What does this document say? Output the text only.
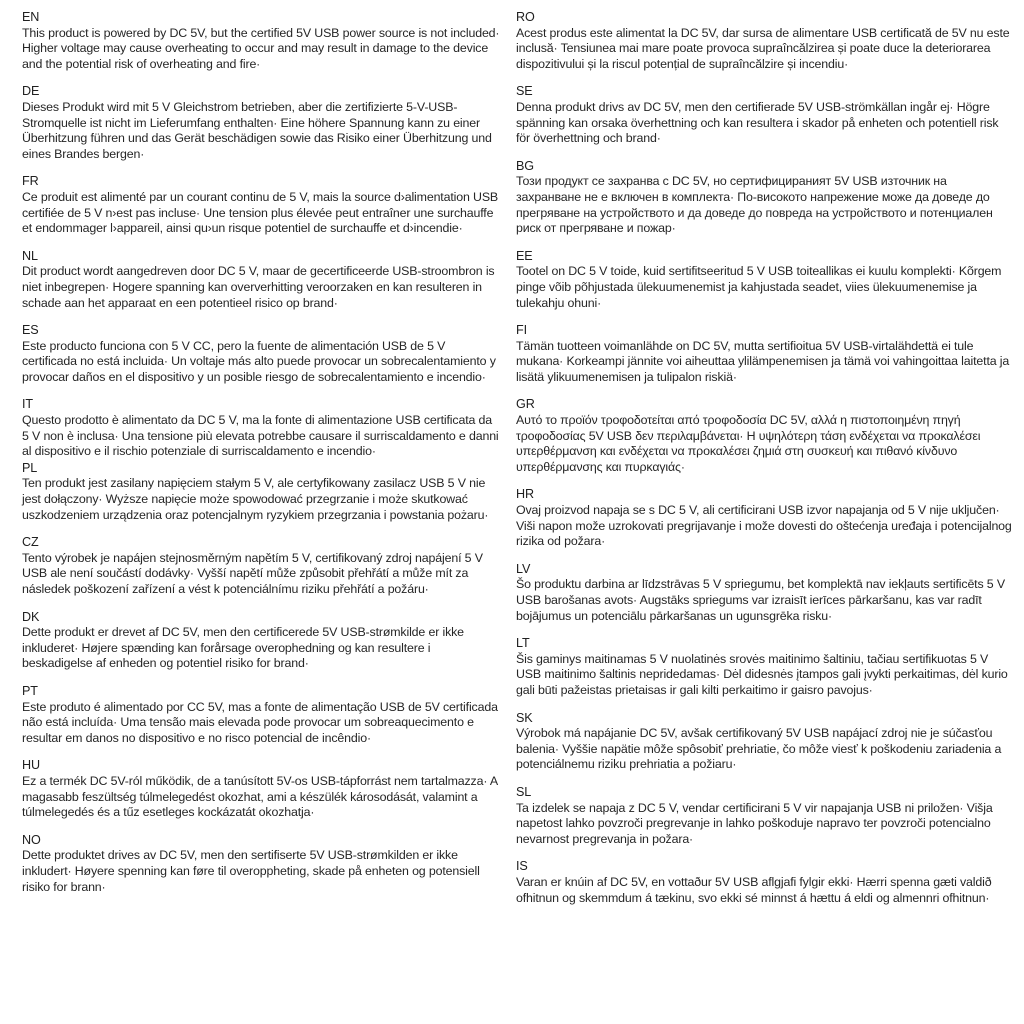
EN
This product is powered by DC 5V, but the certified 5V USB power source is not included· Higher voltage may cause overheating to occur and may result in damage to the device and the potential risk of overheating and fire·
DE
Dieses Produkt wird mit 5 V Gleichstrom betrieben, aber die zertifizierte 5-V-USB-Stromquelle ist nicht im Lieferumfang enthalten· Eine höhere Spannung kann zu einer Überhitzung führen und das Gerät beschädigen sowie das Risiko einer Überhitzung und eines Brandes bergen·
FR
Ce produit est alimenté par un courant continu de 5 V, mais la source d›alimentation USB certifiée de 5 V n›est pas incluse· Une tension plus élevée peut entraîner une surchauffe et endommager l›appareil, ainsi qu›un risque potentiel de surchauffe et d›incendie·
NL
Dit product wordt aangedreven door DC 5 V, maar de gecertificeerde USB-stroombron is niet inbegrepen· Hogere spanning kan oververhitting veroorzaken en kan resulteren in schade aan het apparaat en een potentieel risico op brand·
ES
Este producto funciona con 5 V CC, pero la fuente de alimentación USB de 5 V certificada no está incluida· Un voltaje más alto puede provocar un sobrecalentamiento y provocar daños en el dispositivo y un posible riesgo de sobrecalentamiento e incendio·
IT
Questo prodotto è alimentato da DC 5 V, ma la fonte di alimentazione USB certificata da 5 V non è inclusa· Una tensione più elevata potrebbe causare il surriscaldamento e danni al dispositivo e il rischio potenziale di surriscaldamento e incendio·
PL
Ten produkt jest zasilany napięciem stałym 5 V, ale certyfikowany zasilacz USB 5 V nie jest dołączony· Wyższe napięcie może spowodować przegrzanie i może skutkować uszkodzeniem urządzenia oraz potencjalnym ryzykiem przegrzania i powstania pożaru·
CZ
Tento výrobek je napájen stejnosměrným napětím 5 V, certifikovaný zdroj napájení 5 V USB ale není součástí dodávky· Vyšší napětí může způsobit přehřátí a může mít za následek poškození zařízení a vést k potenciálnímu riziku přehřátí a požáru·
DK
Dette produkt er drevet af DC 5V, men den certificerede 5V USB-strømkilde er ikke inkluderet· Højere spænding kan forårsage overophedning og kan resultere i beskadigelse af enheden og potentiel risiko for brand·
PT
Este produto é alimentado por CC 5V, mas a fonte de alimentação USB de 5V certificada não está incluída· Uma tensão mais elevada pode provocar um sobreaquecimento e resultar em danos no dispositivo e no risco potencial de incêndio·
HU
Ez a termék DC 5V-ról működik, de a tanúsított 5V-os USB-tápforrást nem tartalmazza· A magasabb feszültség túlmelegedést okozhat, ami a készülék károsodását, valamint a túlmelegedés és a tűz esetleges kockázatát okozhatja·
NO
Dette produktet drives av DC 5V, men den sertifiserte 5V USB-strømkilden er ikke inkludert· Høyere spenning kan føre til overoppheting, skade på enheten og potensiell risiko for brann·
RO
Acest produs este alimentat la DC 5V, dar sursa de alimentare USB certificată de 5V nu este inclusă· Tensiunea mai mare poate provoca supraîncălzirea și poate duce la deteriorarea dispozitivului și la riscul potențial de supraîncălzire și incendiu·
SE
Denna produkt drivs av DC 5V, men den certifierade 5V USB-strömkällan ingår ej· Högre spänning kan orsaka överhettning och kan resultera i skador på enheten och potentiell risk för överhettning och brand·
BG
Този продукт се захранва с DC 5V, но сертифицираният 5V USB източник на захранване не е включен в комплекта· По-високото напрежение може да доведе до прегряване на устройството и да доведе до повреда на устройството и потенциален риск от прегряване и пожар·
EE
Tootel on DC 5 V toide, kuid sertifitseeritud 5 V USB toiteallikas ei kuulu komplekti· Kõrgem pinge võib põhjustada ülekuumenemist ja kahjustada seadet, viies ülekuumenemise ja tulekahju ohuni·
FI
Tämän tuotteen voimanlähde on DC 5V, mutta sertifioitua 5V USB-virtalähdettä ei tule mukana· Korkeampi jännite voi aiheuttaa ylilämpenemisen ja tämä voi vahingoittaa laitetta ja lisätä ylikuumenemisen ja tulipalon riskiä·
GR
Αυτό το προϊόν τροφοδοτείται από τροφοδοσία DC 5V, αλλά η πιστοποιημένη πηγή τροφοδοσίας 5V USB δεν περιλαμβάνεται· Η υψηλότερη τάση ενδέχεται να προκαλέσει υπερθέρμανση και ενδέχεται να προκαλέσει ζημιά στη συσκευή και πιθανό κίνδυνο υπερθέρμανσης και πυρκαγιάς·
HR
Ovaj proizvod napaja se s DC 5 V, ali certificirani USB izvor napajanja od 5 V nije uključen· Viši napon može uzrokovati pregrijavanje i može dovesti do oštećenja uređaja i potencijalnog rizika od požara·
LV
Šo produktu darbina ar līdzstrāvas 5 V spriegumu, bet komplektā nav iekļauts sertificēts 5 V USB barošanas avots· Augstāks spriegums var izraisīt ierīces pārkaršanu, kas var radīt bojājumus un potenciālu pārkaršanas un ugunsgrēka risku·
LT
Šis gaminys maitinamas 5 V nuolatinės srovės maitinimo šaltiniu, tačiau sertifikuotas 5 V USB maitinimo šaltinis nepridedamas· Dėl didesnės įtampos gali įvykti perkaitimas, dėl kurio gali būti pažeistas prietaisas ir gali kilti perkaitimo ir gaisro pavojus·
SK
Výrobok má napájanie DC 5V, avšak certifikovaný 5V USB napájací zdroj nie je súčasťou balenia· Vyššie napätie môže spôsobiť prehriatie, čo môže viesť k poškodeniu zariadenia a potenciálnemu riziku prehriatia a požiaru·
SL
Ta izdelek se napaja z DC 5 V, vendar certificirani 5 V vir napajanja USB ni priložen· Višja napetost lahko povzroči pregrevanje in lahko poškoduje napravo ter povzroči potencialno nevarnost pregrevanja in požara·
IS
Varan er knúin af DC 5V, en vottaður 5V USB aflgjafi fylgir ekki· Hærri spenna gæti valdið ofhitnun og skemmdum á tækinu, svo ekki sé minnst á hættu á eldi og almennri ofhitnun·
